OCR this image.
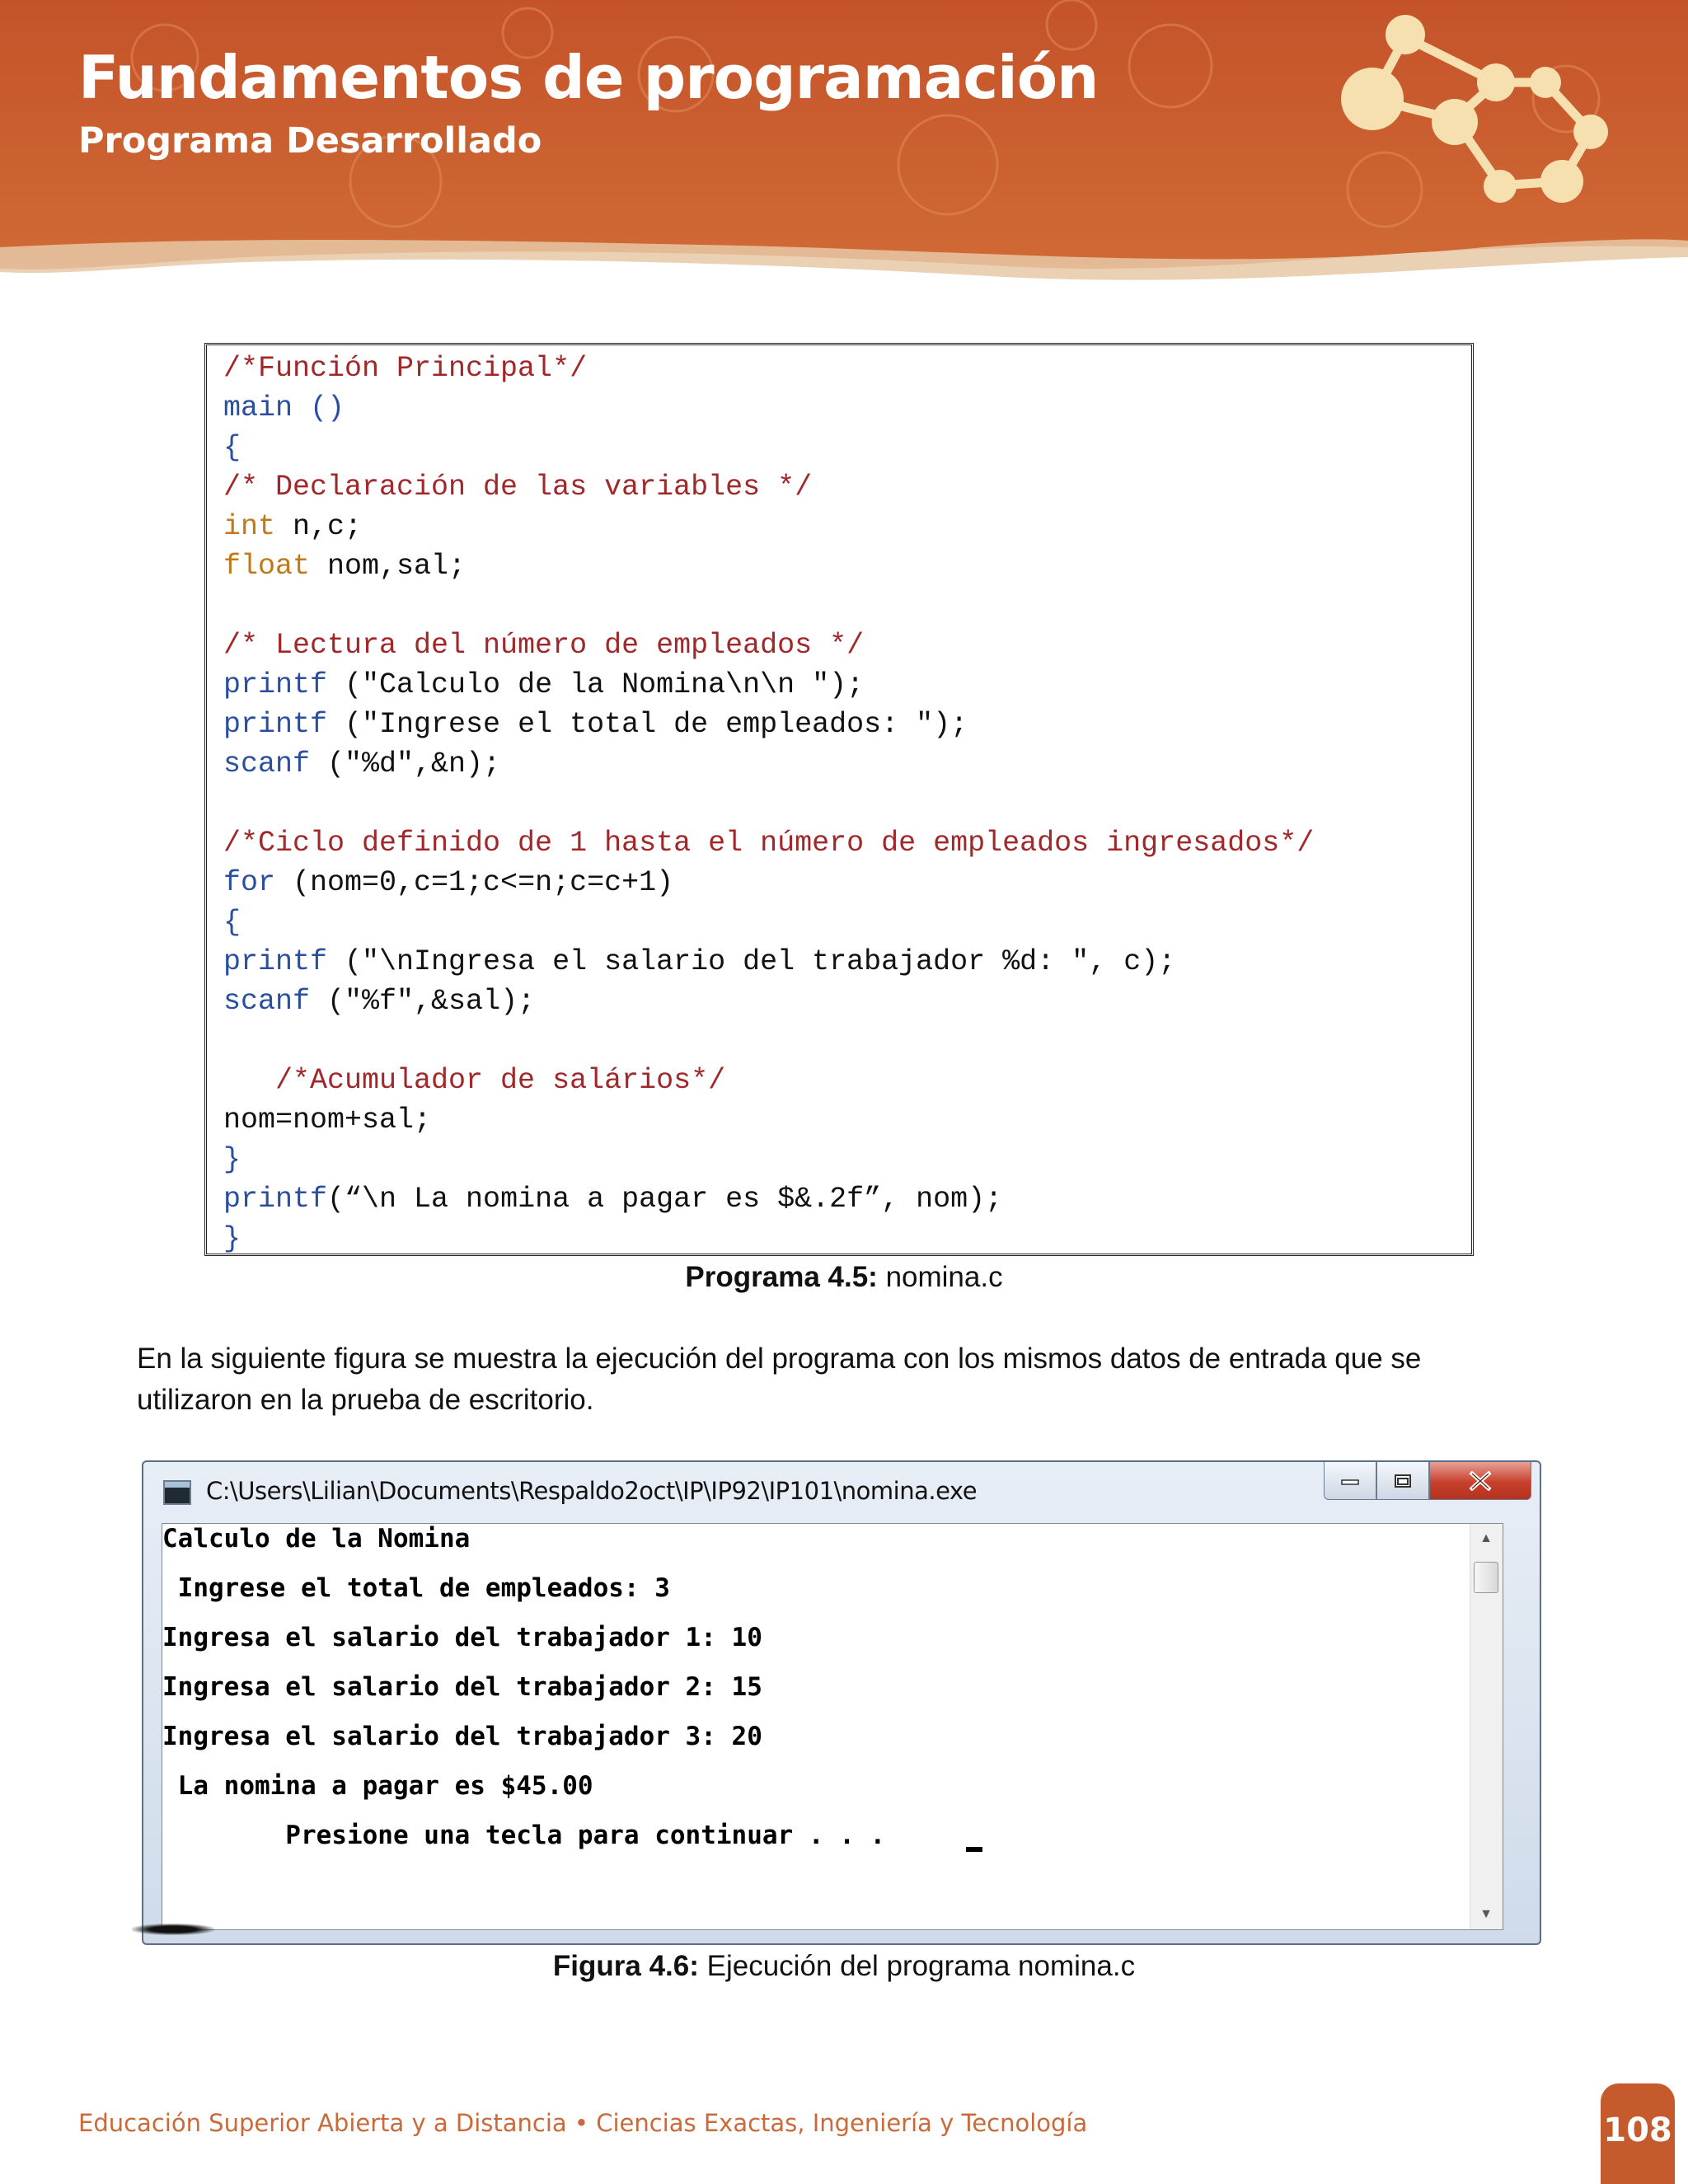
Fundamentos de programación
Programa Desarrollado
/*Función Principal*/
main ()
{
/* Declaración de las variables */
int n,c;
float nom,sal;
/* Lectura del número de empleados */
printf ("Calculo de la Nomina\n\n ");
printf ("Ingrese el total de empleados: ");
scanf ("%d",&n);
/*Ciclo definido de 1 hasta el número de empleados ingresados*/
for (nom=0,c=1;c<=n;c=c+1)
{
printf ("\nIngresa el salario del trabajador %d: ", c);
scanf ("%f",&sal);
/*Acumulador de salários*/
nom=nom+sal;
}
printf(“\n La nomina a pagar es $&.2f”, nom);
}
Programa 4.5: nomina.c

En la siguiente figura se muestra la ejecución del programa con los mismos datos de entrada que se utilizaron en la prueba de escritorio.

C:\Users\Lilian\Documents\Respaldo2oct\IP\IP92\IP101\nomina.exe
Calculo de la Nomina
Ingrese el total de empleados: 3
Ingresa el salario del trabajador 1: 10
Ingresa el salario del trabajador 2: 15
Ingresa el salario del trabajador 3: 20
La nomina a pagar es $45.00
Presione una tecla para continuar . . .
▲
▼
Figura 4.6: Ejecución del programa nomina.c
Educación Superior Abierta y a Distancia • Ciencias Exactas, Ingeniería y Tecnología	108
